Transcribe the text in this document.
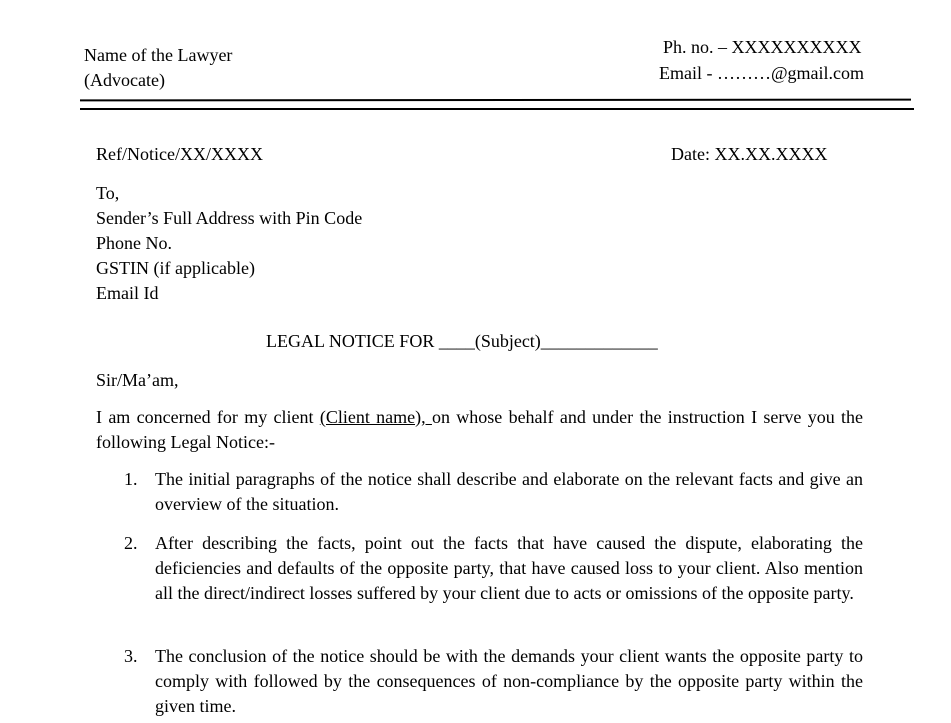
Name of the Lawyer
(Advocate)
Ph. no. – XXXXXXXXXX
Email - ………@gmail.com
Ref/Notice/XX/XXXX	Date: XX.XX.XXXX
To,
Sender’s Full Address with Pin Code
Phone No.
GSTIN (if applicable)
Email Id
LEGAL NOTICE FOR ____(Subject)_____________
Sir/Ma’am,
I am concerned for my client (Client name), on whose behalf and under the instruction I serve you the following Legal Notice:-
1. The initial paragraphs of the notice shall describe and elaborate on the relevant facts and give an overview of the situation.
2. After describing the facts, point out the facts that have caused the dispute, elaborating the deficiencies and defaults of the opposite party, that have caused loss to your client. Also mention all the direct/indirect losses suffered by your client due to acts or omissions of the opposite party.
3. The conclusion of the notice should be with the demands your client wants the opposite party to comply with followed by the consequences of non-compliance by the opposite party within the given time.
